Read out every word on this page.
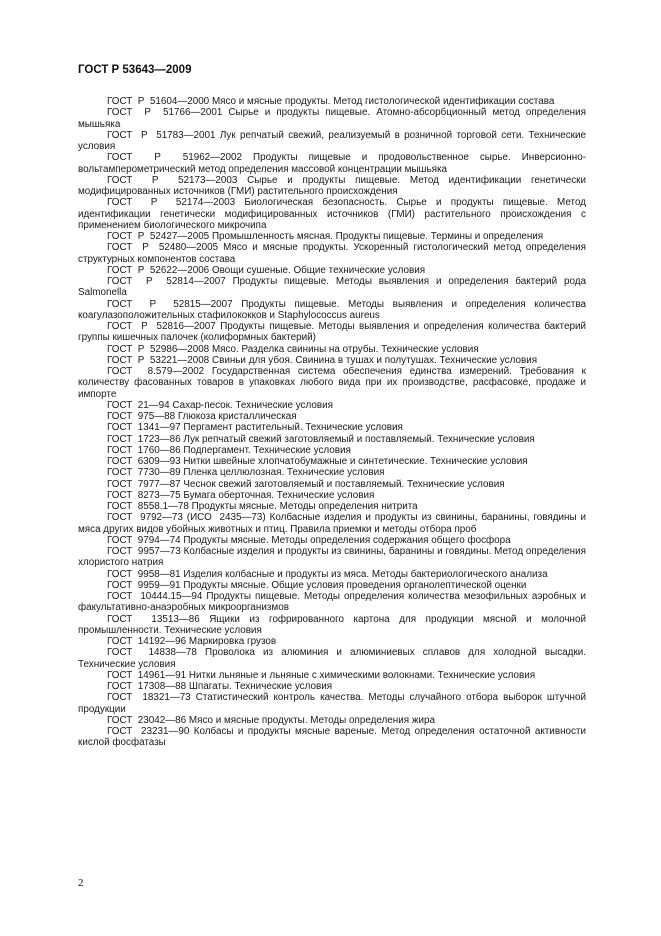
ГОСТ Р 53643—2009

ГОСТ  Р  51604—2000 Мясо и мясные продукты. Метод гистологической идентификации состава

ГОСТ  Р  51766—2001 Сырье и продукты пищевые. Атомно-абсорбционный метод определения мышьяка

ГОСТ  Р  51783—2001 Лук репчатый свежий, реализуемый в розничной торговой сети. Технические условия

ГОСТ  Р  51962—2002 Продукты пищевые и продовольственное сырье. Инверсионно-вольтамперометрический метод определения массовой концентрации мышьяка

ГОСТ  Р  52173—2003 Сырье и продукты пищевые. Метод идентификации генетически модифицированных источников (ГМИ) растительного происхождения

ГОСТ  Р  52174—2003 Биологическая безопасность. Сырье и продукты пищевые. Метод идентификации генетически модифицированных источников (ГМИ) растительного происхождения с применением биологического микрочипа

ГОСТ  Р  52427—2005 Промышленность мясная. Продукты пищевые. Термины и определения

ГОСТ  Р  52480—2005 Мясо и мясные продукты. Ускоренный гистологический метод определения структурных компонентов состава

ГОСТ  Р  52622—2006 Овощи сушеные. Общие технические условия

ГОСТ  Р  52814—2007 Продукты пищевые. Методы выявления и определения бактерий рода Salmonella

ГОСТ  Р  52815—2007 Продукты пищевые. Методы выявления и определения количества коагулазоположительных стафилококков и Staphylococcus aureus

ГОСТ  Р  52816—2007 Продукты пищевые. Методы выявления и определения количества бактерий группы кишечных палочек (колиформных бактерий)

ГОСТ  Р  52986—2008 Мясо. Разделка свинины на отрубы. Технические условия

ГОСТ  Р  53221—2008 Свиньи для убоя. Свинина в тушах и полутушах. Технические условия

ГОСТ  8.579—2002 Государственная система обеспечения единства измерений. Требования к количеству фасованных товаров в упаковках любого вида при их производстве, расфасовке, продаже и импорте

ГОСТ  21—94 Сахар-песок. Технические условия

ГОСТ  975—88 Глюкоза кристаллическая

ГОСТ  1341—97 Пергамент растительный. Технические условия

ГОСТ  1723—86 Лук репчатый свежий заготовляемый и поставляемый. Технические условия

ГОСТ  1760—86 Подпергамент. Технические условия

ГОСТ  6309—93 Нитки швейные хлопчатобумажные и синтетические. Технические условия

ГОСТ  7730—89 Пленка целлюлозная. Технические условия

ГОСТ  7977—87 Чеснок свежий заготовляемый и поставляемый. Технические условия

ГОСТ  8273—75 Бумага оберточная. Технические условия

ГОСТ  8558.1—78 Продукты мясные. Методы определения нитрита

ГОСТ  9792—73 (ИСО  2435—73) Колбасные изделия и продукты из свинины, баранины, говядины и мяса других видов убойных животных и птиц. Правила приемки и методы отбора проб

ГОСТ  9794—74 Продукты мясные. Методы определения содержания общего фосфора

ГОСТ  9957—73 Колбасные изделия и продукты из свинины, баранины и говядины. Метод определения хлористого натрия

ГОСТ  9958—81 Изделия колбасные и продукты из мяса. Методы бактериологического анализа

ГОСТ  9959—91 Продукты мясные. Общие условия проведения органолептической оценки

ГОСТ  10444.15—94 Продукты пищевые. Методы определения количества мезофильных аэробных и факультативно-анаэробных микроорганизмов

ГОСТ  13513—86 Ящики из гофрированного картона для продукции мясной и молочной промышленности. Технические условия

ГОСТ  14192—96 Маркировка грузов

ГОСТ  14838—78 Проволока из алюминия и алюминиевых сплавов для холодной высадки. Технические условия

ГОСТ  14961—91 Нитки льняные и льняные с химическими волокнами. Технические условия

ГОСТ  17308—88 Шпагаты. Технические условия

ГОСТ  18321—73 Статистический контроль качества. Методы случайного отбора выборок штучной продукции

ГОСТ  23042—86 Мясо и мясные продукты. Методы определения жира

ГОСТ  23231—90 Колбасы и продукты мясные вареные. Метод определения остаточной активности кислой фосфатазы

2
